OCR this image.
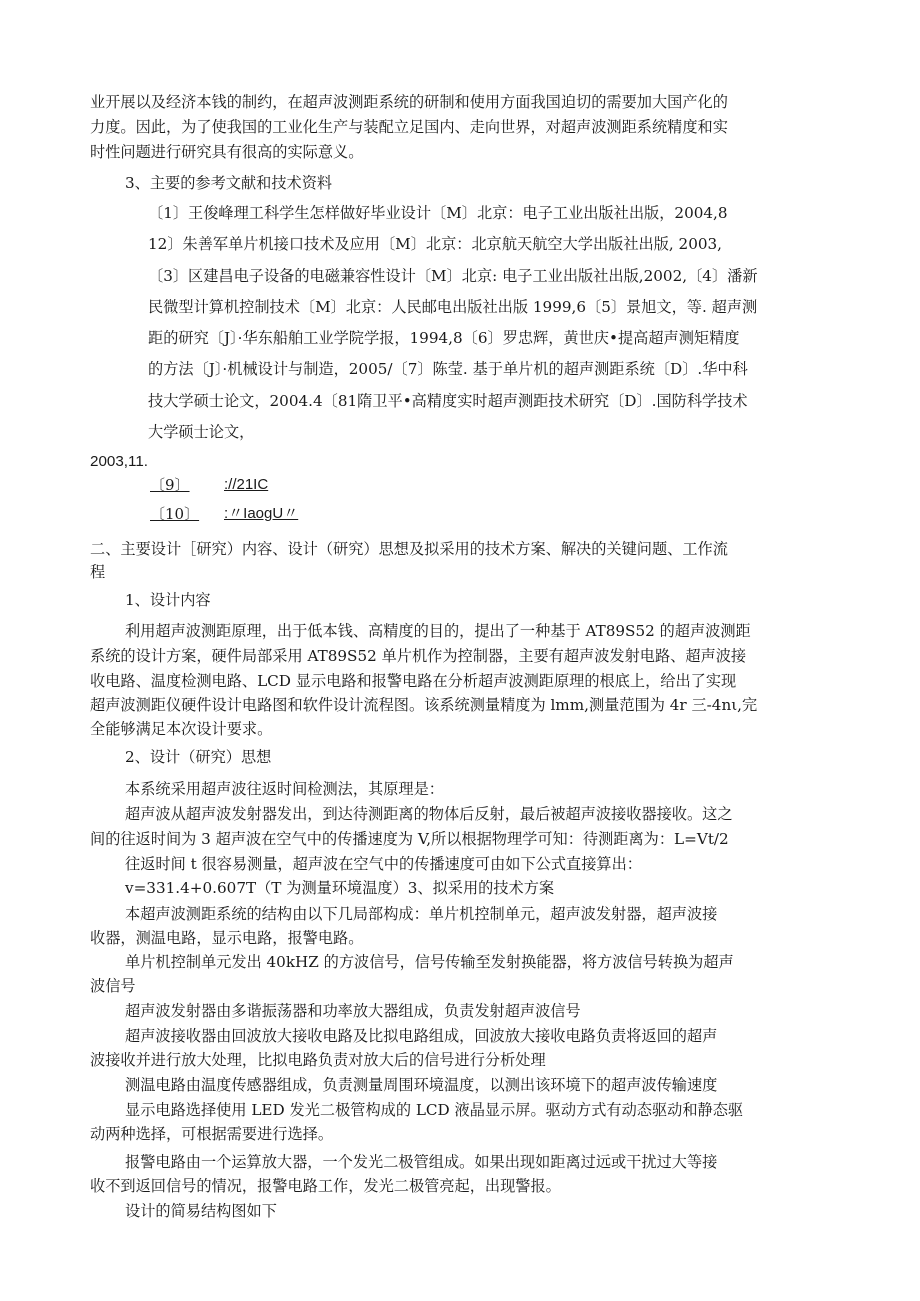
业开展以及经济本钱的制约，在超声波测距系统的研制和使用方面我国迫切的需要加大国产化的
力度。因此，为了使我国的工业化生产与装配立足国内、走向世界，对超声波测距系统精度和实
时性问题进行研究具有很高的实际意义。
3、主要的参考文献和技术资料
〔1〕王俊峰理工科学生怎样做好毕业设计〔M〕北京：电子工业出版社出版，2004,8
12〕朱善军单片机接口技术及应用〔M〕北京：北京航天航空大学出版社出版, 2003,
〔3〕区建昌电子设备的电磁兼容性设计〔M〕北京: 电子工业出版社出版,2002,〔4〕潘新
民微型计算机控制技术〔M〕北京：人民邮电出版社出版 1999,6〔5〕景旭文，等. 超声测
距的研究〔J〕·华东船舶工业学院学报，1994,8〔6〕罗忠辉，黄世庆•提高超声测矩精度
的方法〔J〕·机械设计与制造，2005/〔7〕陈莹. 基于单片机的超声测距系统〔D〕.华中科
技大学硕士论文，2004.4〔81隋卫平•高精度实时超声测距技术研究〔D〕.国防科学技术
大学硕士论文，
2003,11.
〔9〕 ://21IC
〔10〕 :〃IaogU〃
二、主要设计［研究）内容、设计（研究）思想及拟采用的技术方案、解决的关键问题、工作流
程
1、设计内容
利用超声波测距原理，出于低本钱、高精度的目的，提出了一种基于 AT89S52 的超声波测距
系统的设计方案，硬件局部采用 AT89S52 单片机作为控制器，主要有超声波发射电路、超声波接
收电路、温度检测电路、LCD 显示电路和报警电路在分析超声波测距原理的根底上，给出了实现
超声波测距仪硬件设计电路图和软件设计流程图。该系统测量精度为 lmm,测量范围为 4r 三-4nι,完
全能够满足本次设计要求。
2、设计（研究）思想
本系统采用超声波往返时间检测法，其原理是：
超声波从超声波发射器发出，到达待测距离的物体后反射，最后被超声波接收器接收。这之
间的往返时间为 3 超声波在空气中的传播速度为 V,所以根据物理学可知：待测距离为：L=Vt/2
往返时间 t 很容易测量，超声波在空气中的传播速度可由如下公式直接算出：
v=331.4+0.607T（T 为测量环境温度）3、拟采用的技术方案
本超声波测距系统的结构由以下几局部构成：单片机控制单元，超声波发射器，超声波接
收器，测温电路，显示电路，报警电路。
单片机控制单元发出 40kHZ 的方波信号，信号传输至发射换能器，将方波信号转换为超声
波信号
超声波发射器由多谐振荡器和功率放大器组成，负责发射超声波信号
超声波接收器由回波放大接收电路及比拟电路组成，回波放大接收电路负责将返回的超声
波接收并进行放大处理，比拟电路负责对放大后的信号进行分析处理
测温电路由温度传感器组成，负责测量周围环境温度，以测出该环境下的超声波传输速度
显示电路选择使用 LED 发光二极管构成的 LCD 液晶显示屏。驱动方式有动态驱动和静态驱
动两种选择，可根据需要进行选择。
报警电路由一个运算放大器，一个发光二极管组成。如果出现如距离过远或干扰过大等接
收不到返回信号的情况，报警电路工作，发光二极管亮起，出现警报。
设计的简易结构图如下
